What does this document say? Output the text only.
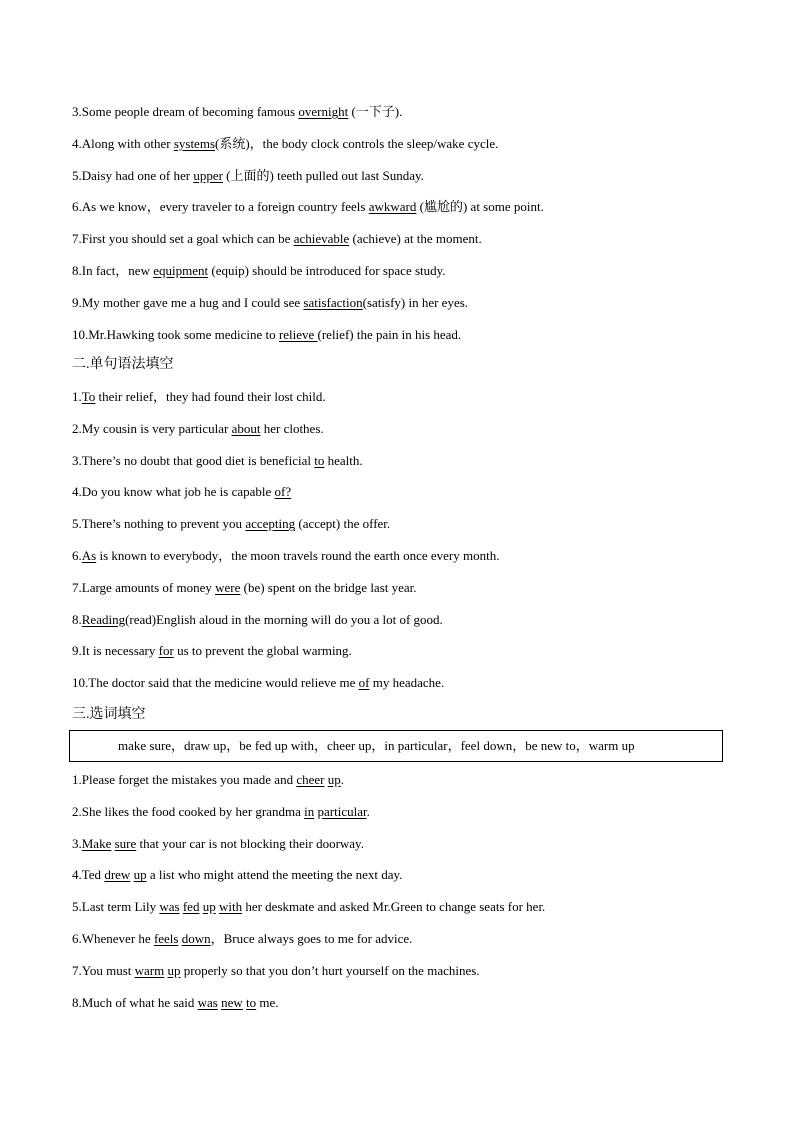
3.Some people dream of becoming famous overnight (一下子).
4.Along with other systems(系统)，the body clock controls the sleep/wake cycle.
5.Daisy had one of her upper (上面的) teeth pulled out last Sunday.
6.As we know，every traveler to a foreign country feels awkward (尴尬的) at some point.
7.First you should set a goal which can be achievable (achieve) at the moment.
8.In fact，new equipment (equip) should be introduced for space study.
9.My mother gave me a hug and I could see satisfaction(satisfy) in her eyes.
10.Mr.Hawking took some medicine to relieve (relief) the pain in his head.
二.单句语法填空
1.To their relief，they had found their lost child.
2.My cousin is very particular about her clothes.
3.There’s no doubt that good diet is beneficial to health.
4.Do you know what job he is capable of?
5.There’s nothing to prevent you accepting (accept) the offer.
6.As is known to everybody，the moon travels round the earth once every month.
7.Large amounts of money were (be) spent on the bridge last year.
8.Reading(read)English aloud in the morning will do you a lot of good.
9.It is necessary for us to prevent the global warming.
10.The doctor said that the medicine would relieve me of my headache.
三.选词填空
make sure，draw up，be fed up with，cheer up，in particular，feel down，be new to，warm up
1.Please forget the mistakes you made and cheer up.
2.She likes the food cooked by her grandma in particular.
3.Make sure that your car is not blocking their doorway.
4.Ted drew up a list who might attend the meeting the next day.
5.Last term Lily was fed up with her deskmate and asked Mr.Green to change seats for her.
6.Whenever he feels down，Bruce always goes to me for advice.
7.You must warm up properly so that you don’t hurt yourself on the machines.
8.Much of what he said was new to me.
